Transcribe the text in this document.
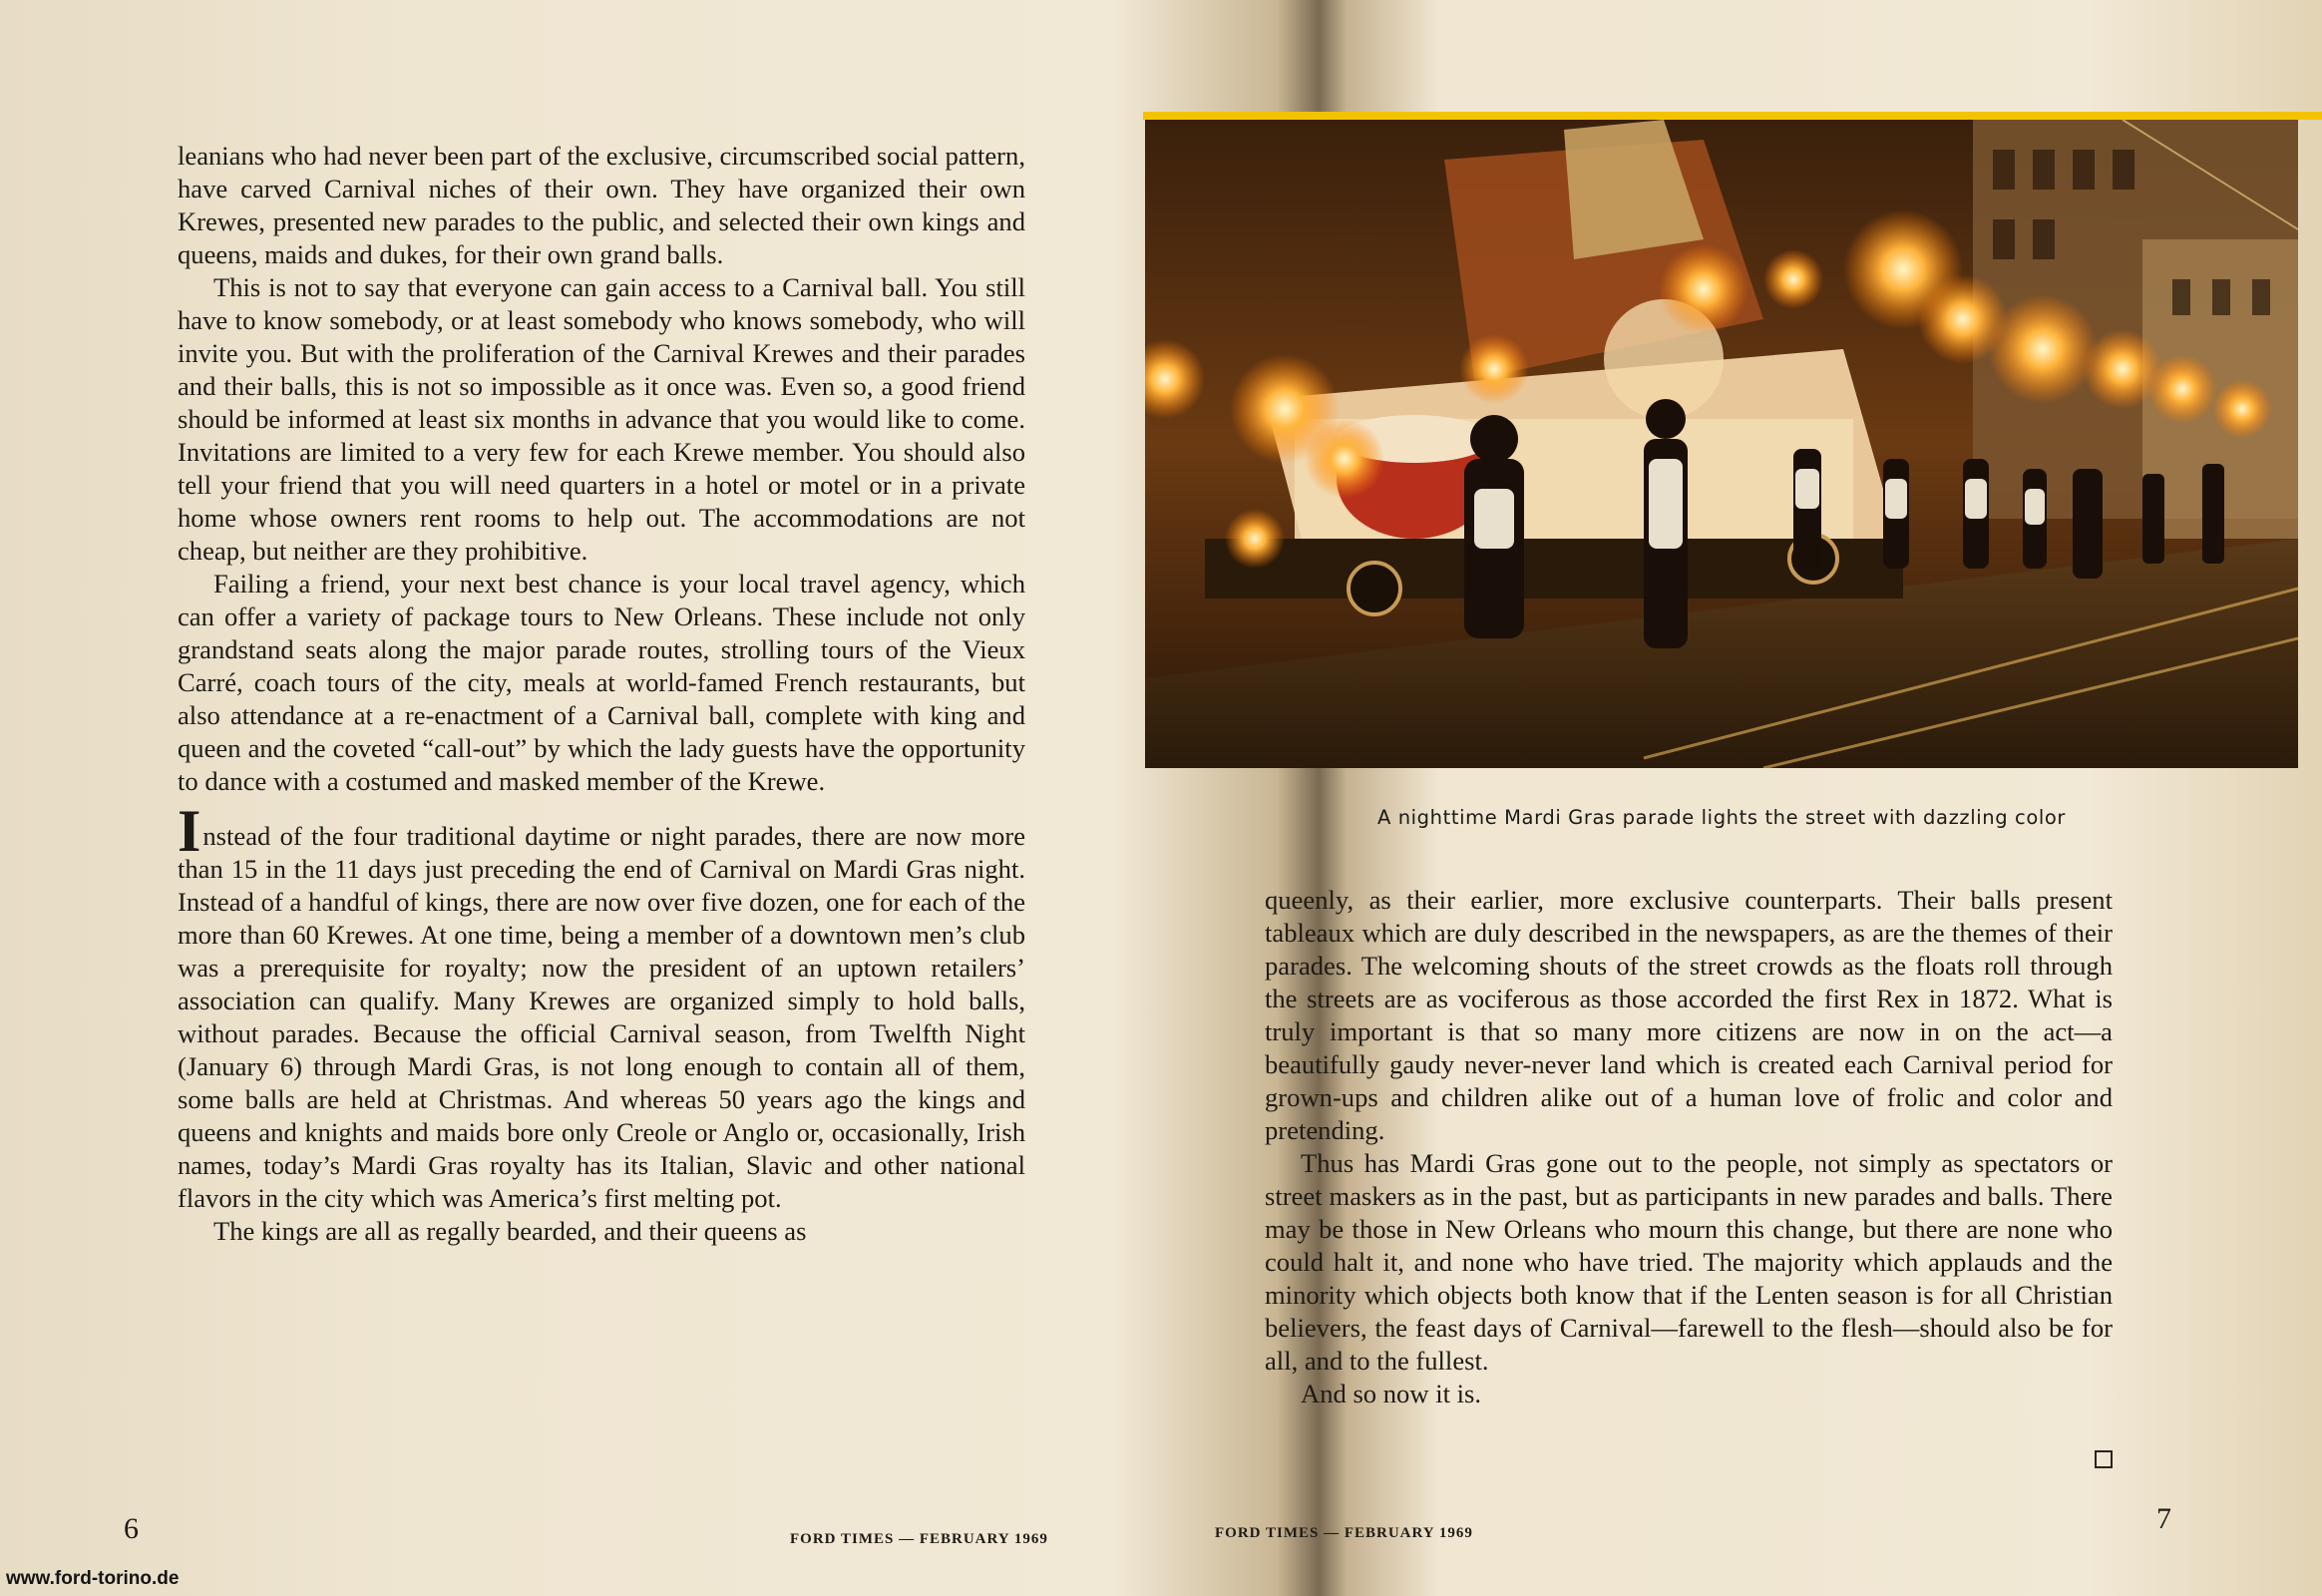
leanians who had never been part of the exclusive, circumscribed social pattern, have carved Carnival niches of their own. They have organized their own Krewes, presented new parades to the public, and selected their own kings and queens, maids and dukes, for their own grand balls.

This is not to say that everyone can gain access to a Carnival ball. You still have to know somebody, or at least somebody who knows somebody, who will invite you. But with the proliferation of the Carnival Krewes and their parades and their balls, this is not so impossible as it once was. Even so, a good friend should be informed at least six months in advance that you would like to come. Invitations are limited to a very few for each Krewe member. You should also tell your friend that you will need quarters in a hotel or motel or in a private home whose owners rent rooms to help out. The accommodations are not cheap, but neither are they prohibitive.

Failing a friend, your next best chance is your local travel agency, which can offer a variety of package tours to New Orleans. These include not only grandstand seats along the major parade routes, strolling tours of the Vieux Carré, coach tours of the city, meals at world-famed French restaurants, but also attendance at a re-enactment of a Carnival ball, complete with king and queen and the coveted “call-out” by which the lady guests have the opportunity to dance with a costumed and masked member of the Krewe.

Instead of the four traditional daytime or night parades, there are now more than 15 in the 11 days just preceding the end of Carnival on Mardi Gras night. Instead of a handful of kings, there are now over five dozen, one for each of the more than 60 Krewes. At one time, being a member of a downtown men’s club was a prerequisite for royalty; now the president of an uptown retailers’ association can qualify. Many Krewes are organized simply to hold balls, without parades. Because the official Carnival season, from Twelfth Night (January 6) through Mardi Gras, is not long enough to contain all of them, some balls are held at Christmas. And whereas 50 years ago the kings and queens and knights and maids bore only Creole or Anglo or, occasionally, Irish names, today’s Mardi Gras royalty has its Italian, Slavic and other national flavors in the city which was America’s first melting pot.

The kings are all as regally bearded, and their queens as

6	FORD TIMES — FEBRUARY 1969
A nighttime Mardi Gras parade lights the street with dazzling color

queenly, as their earlier, more exclusive counterparts. Their balls present tableaux which are duly described in the newspapers, as are the themes of their parades. The welcoming shouts of the street crowds as the floats roll through the streets are as vociferous as those accorded the first Rex in 1872. What is truly important is that so many more citizens are now in on the act—a beautifully gaudy never-never land which is created each Carnival period for grown-ups and children alike out of a human love of frolic and color and pretending.

Thus has Mardi Gras gone out to the people, not simply as spectators or street maskers as in the past, but as participants in new parades and balls. There may be those in New Orleans who mourn this change, but there are none who could halt it, and none who have tried. The majority which applauds and the minority which objects both know that if the Lenten season is for all Christian believers, the feast days of Carnival—farewell to the flesh—should also be for all, and to the fullest.

And so now it is.

FORD TIMES — FEBRUARY 1969	7
www.ford-torino.de
